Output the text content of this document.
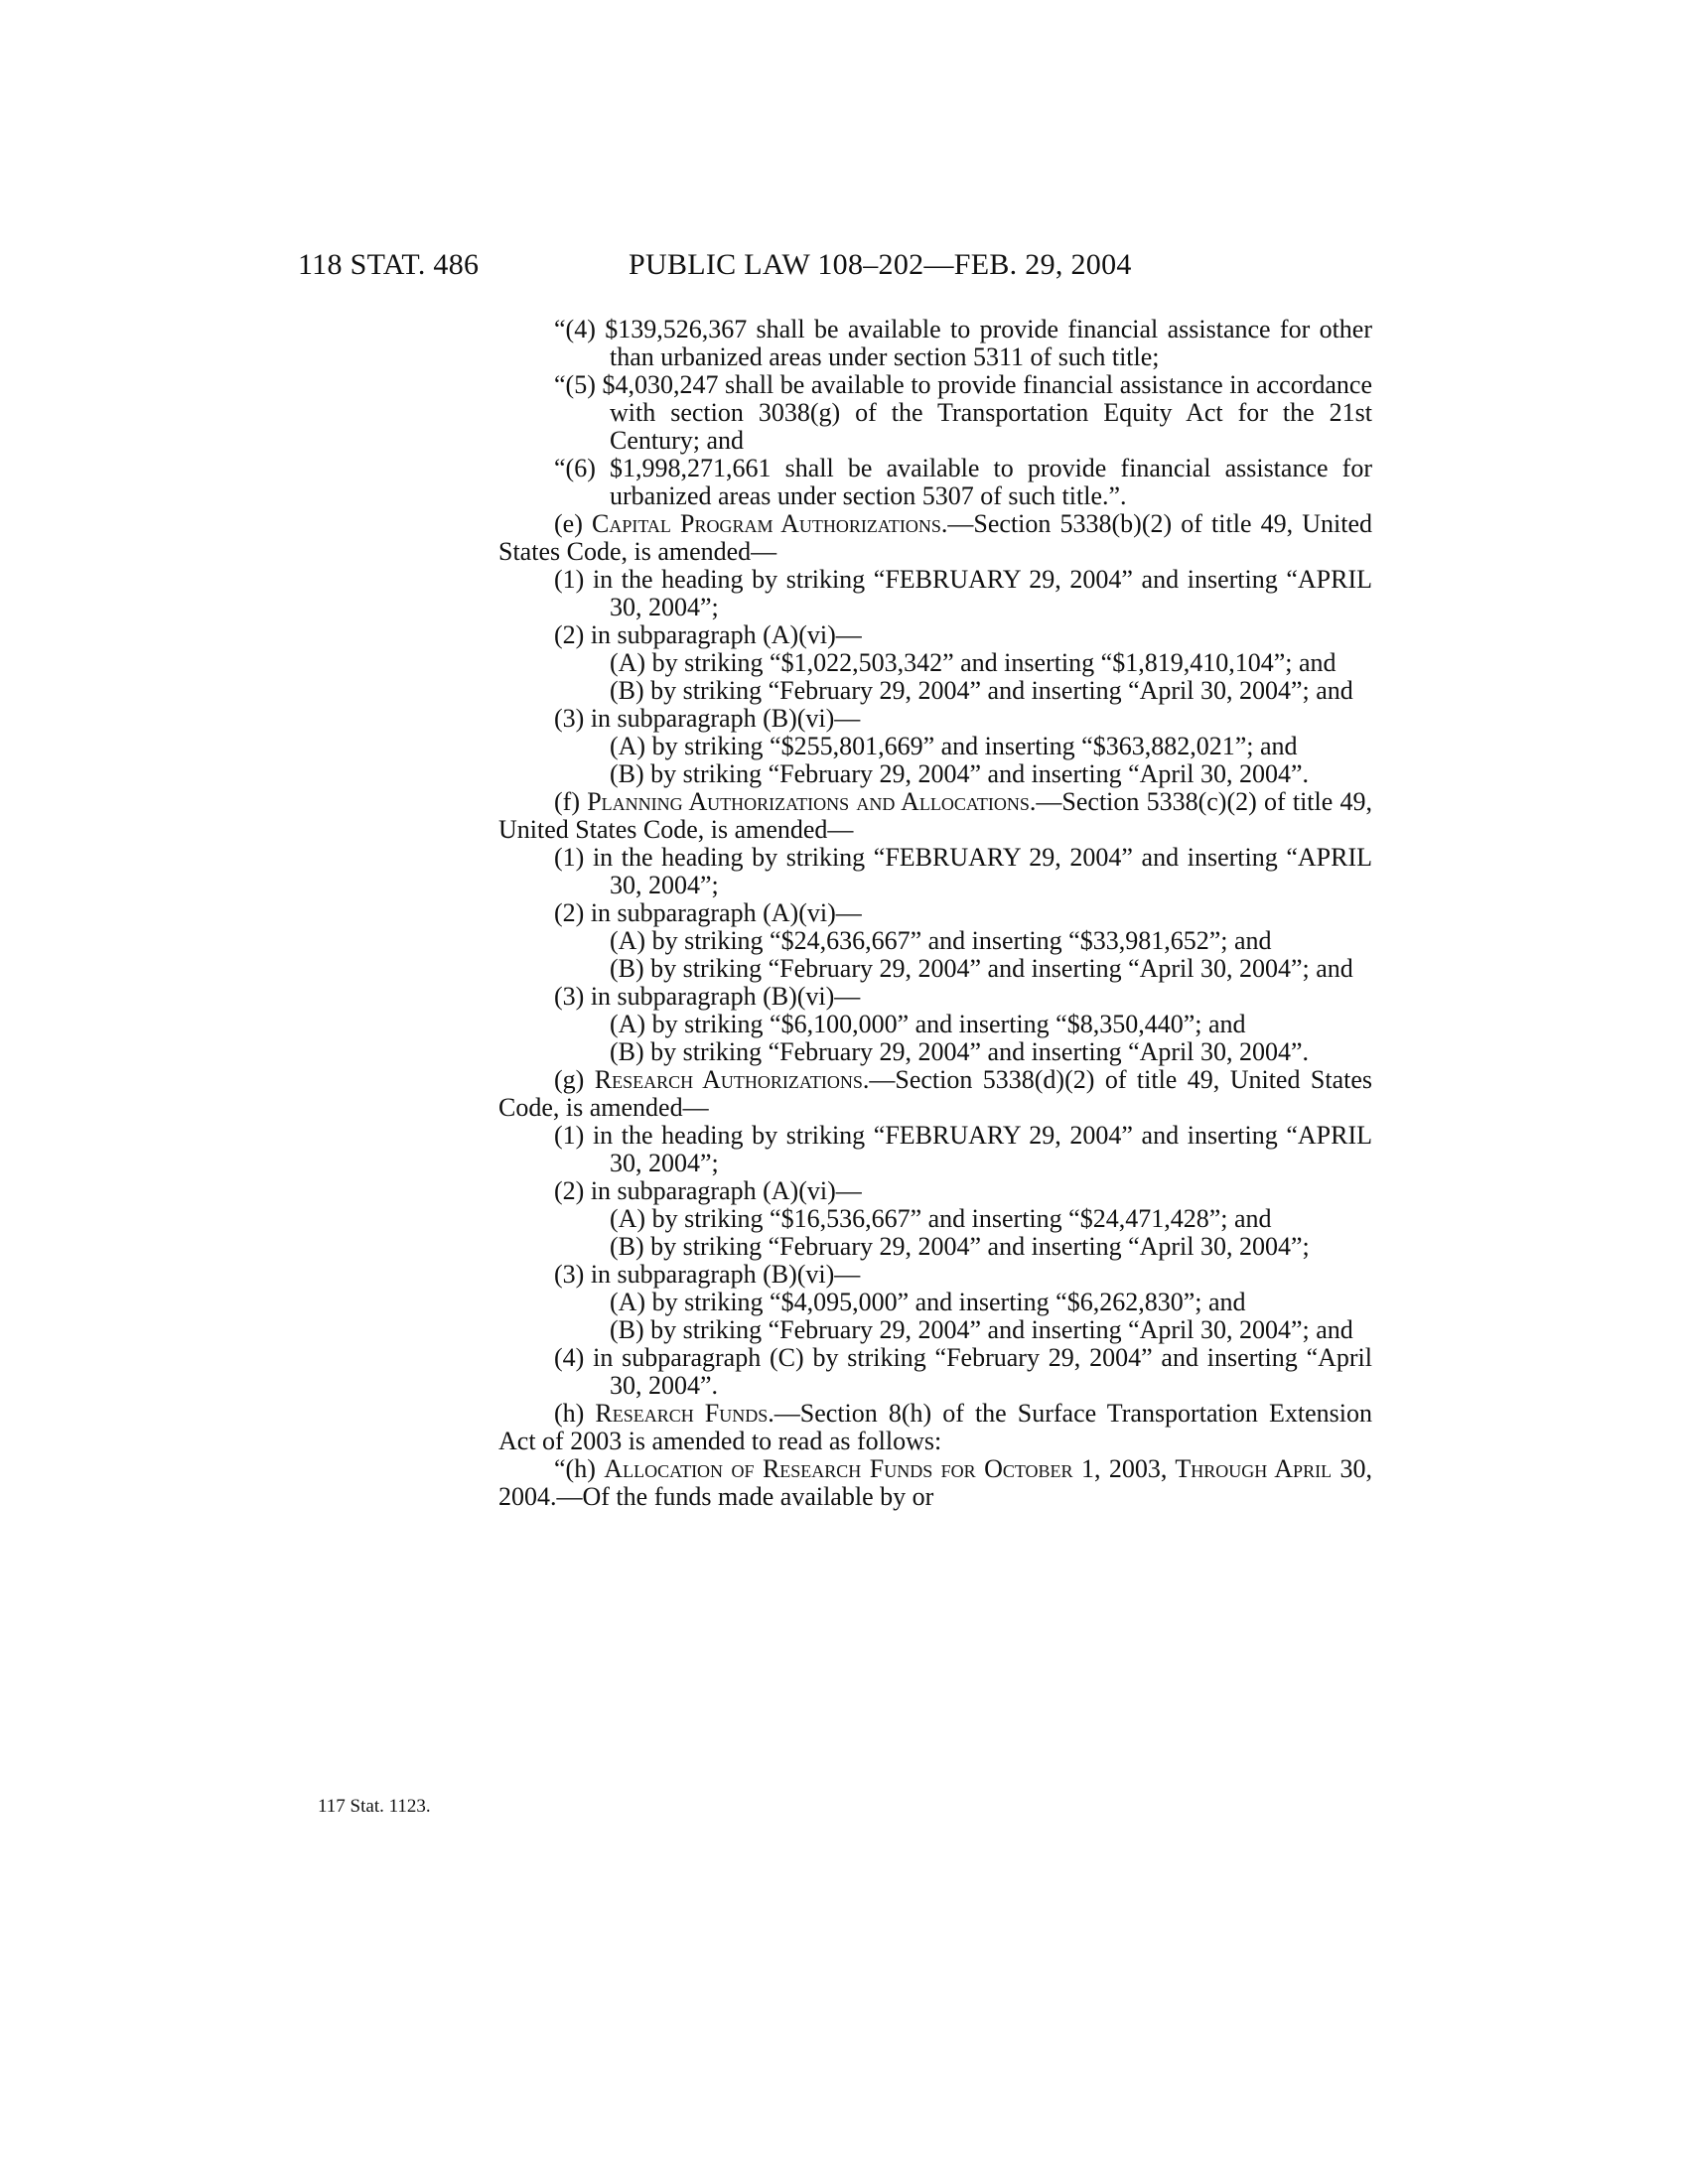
118 STAT. 486	PUBLIC LAW 108–202—FEB. 29, 2004
117 Stat. 1123.

“(4) $139,526,367 shall be available to provide financial assistance for other than urbanized areas under section 5311 of such title;

“(5) $4,030,247 shall be available to provide financial assistance in accordance with section 3038(g) of the Transportation Equity Act for the 21st Century; and

“(6) $1,998,271,661 shall be available to provide financial assistance for urbanized areas under section 5307 of such title.”.

(e) Capital Program Authorizations.—Section 5338(b)(2) of title 49, United States Code, is amended—

(1) in the heading by striking “FEBRUARY 29, 2004” and inserting “APRIL 30, 2004”;

(2) in subparagraph (A)(vi)—

(A) by striking “$1,022,503,342” and inserting “$1,819,410,104”; and

(B) by striking “February 29, 2004” and inserting “April 30, 2004”; and

(3) in subparagraph (B)(vi)—

(A) by striking “$255,801,669” and inserting “$363,882,021”; and

(B) by striking “February 29, 2004” and inserting “April 30, 2004”.

(f) Planning Authorizations and Allocations.—Section 5338(c)(2) of title 49, United States Code, is amended—

(1) in the heading by striking “FEBRUARY 29, 2004” and inserting “APRIL 30, 2004”;

(2) in subparagraph (A)(vi)—

(A) by striking “$24,636,667” and inserting “$33,981,652”; and

(B) by striking “February 29, 2004” and inserting “April 30, 2004”; and

(3) in subparagraph (B)(vi)—

(A) by striking “$6,100,000” and inserting “$8,350,440”; and

(B) by striking “February 29, 2004” and inserting “April 30, 2004”.

(g) Research Authorizations.—Section 5338(d)(2) of title 49, United States Code, is amended—

(1) in the heading by striking “FEBRUARY 29, 2004” and inserting “APRIL 30, 2004”;

(2) in subparagraph (A)(vi)—

(A) by striking “$16,536,667” and inserting “$24,471,428”; and

(B) by striking “February 29, 2004” and inserting “April 30, 2004”;

(3) in subparagraph (B)(vi)—

(A) by striking “$4,095,000” and inserting “$6,262,830”; and

(B) by striking “February 29, 2004” and inserting “April 30, 2004”; and

(4) in subparagraph (C) by striking “February 29, 2004” and inserting “April 30, 2004”.

(h) Research Funds.—Section 8(h) of the Surface Transportation Extension Act of 2003 is amended to read as follows:

“(h) Allocation of Research Funds for October 1, 2003, Through April 30, 2004.—Of the funds made available by or
